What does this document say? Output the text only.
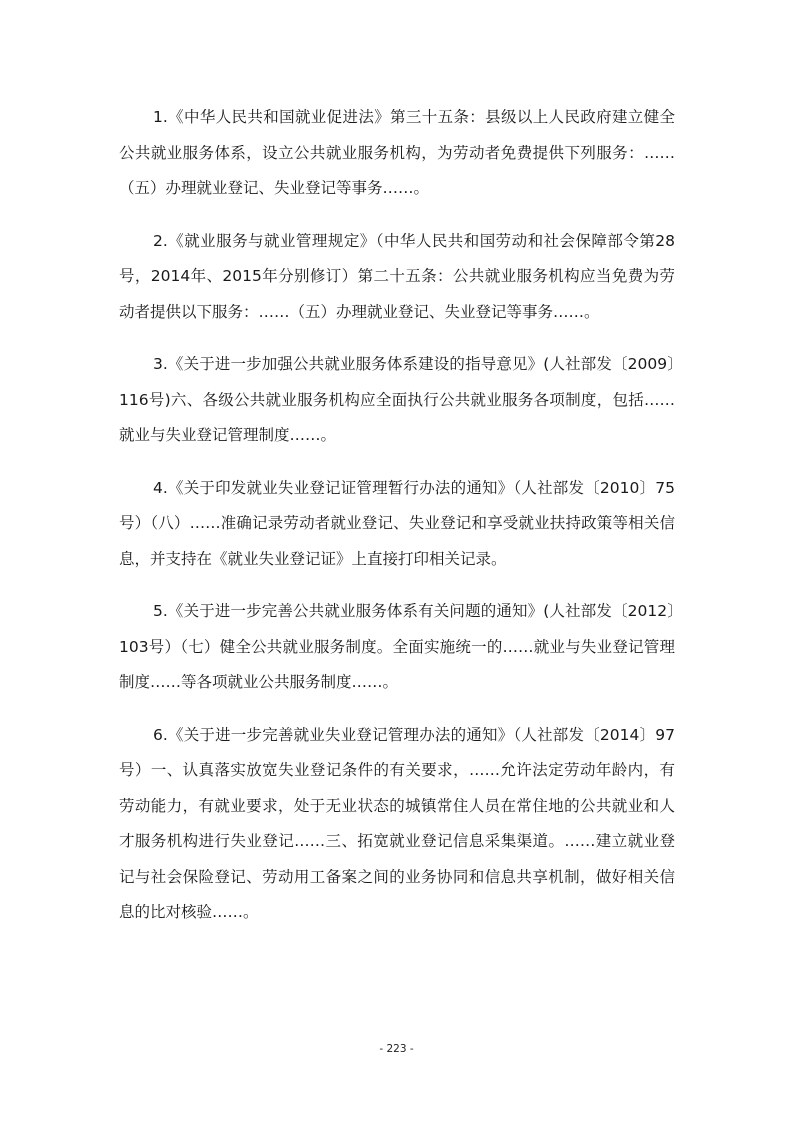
1.《中华人民共和国就业促进法》第三十五条：县级以上人民政府建立健全公共就业服务体系，设立公共就业服务机构，为劳动者免费提供下列服务：……（五）办理就业登记、失业登记等事务……。

2.《就业服务与就业管理规定》（中华人民共和国劳动和社会保障部令第28号，2014年、2015年分别修订）第二十五条：公共就业服务机构应当免费为劳动者提供以下服务：……（五）办理就业登记、失业登记等事务……。

3.《关于进一步加强公共就业服务体系建设的指导意见》(人社部发〔2009〕116号)六、各级公共就业服务机构应全面执行公共就业服务各项制度，包括……就业与失业登记管理制度……。

4.《关于印发就业失业登记证管理暂行办法的通知》（人社部发〔2010〕75号）（八）……准确记录劳动者就业登记、失业登记和享受就业扶持政策等相关信息，并支持在《就业失业登记证》上直接打印相关记录。

5.《关于进一步完善公共就业服务体系有关问题的通知》(人社部发〔2012〕103号）（七）健全公共就业服务制度。全面实施统一的……就业与失业登记管理制度……等各项就业公共服务制度……。

6.《关于进一步完善就业失业登记管理办法的通知》（人社部发〔2014〕97号）一、认真落实放宽失业登记条件的有关要求，……允许法定劳动年龄内，有劳动能力，有就业要求，处于无业状态的城镇常住人员在常住地的公共就业和人才服务机构进行失业登记……三、拓宽就业登记信息采集渠道。……建立就业登记与社会保险登记、劳动用工备案之间的业务协同和信息共享机制，做好相关信息的比对核验……。

- 223 -
